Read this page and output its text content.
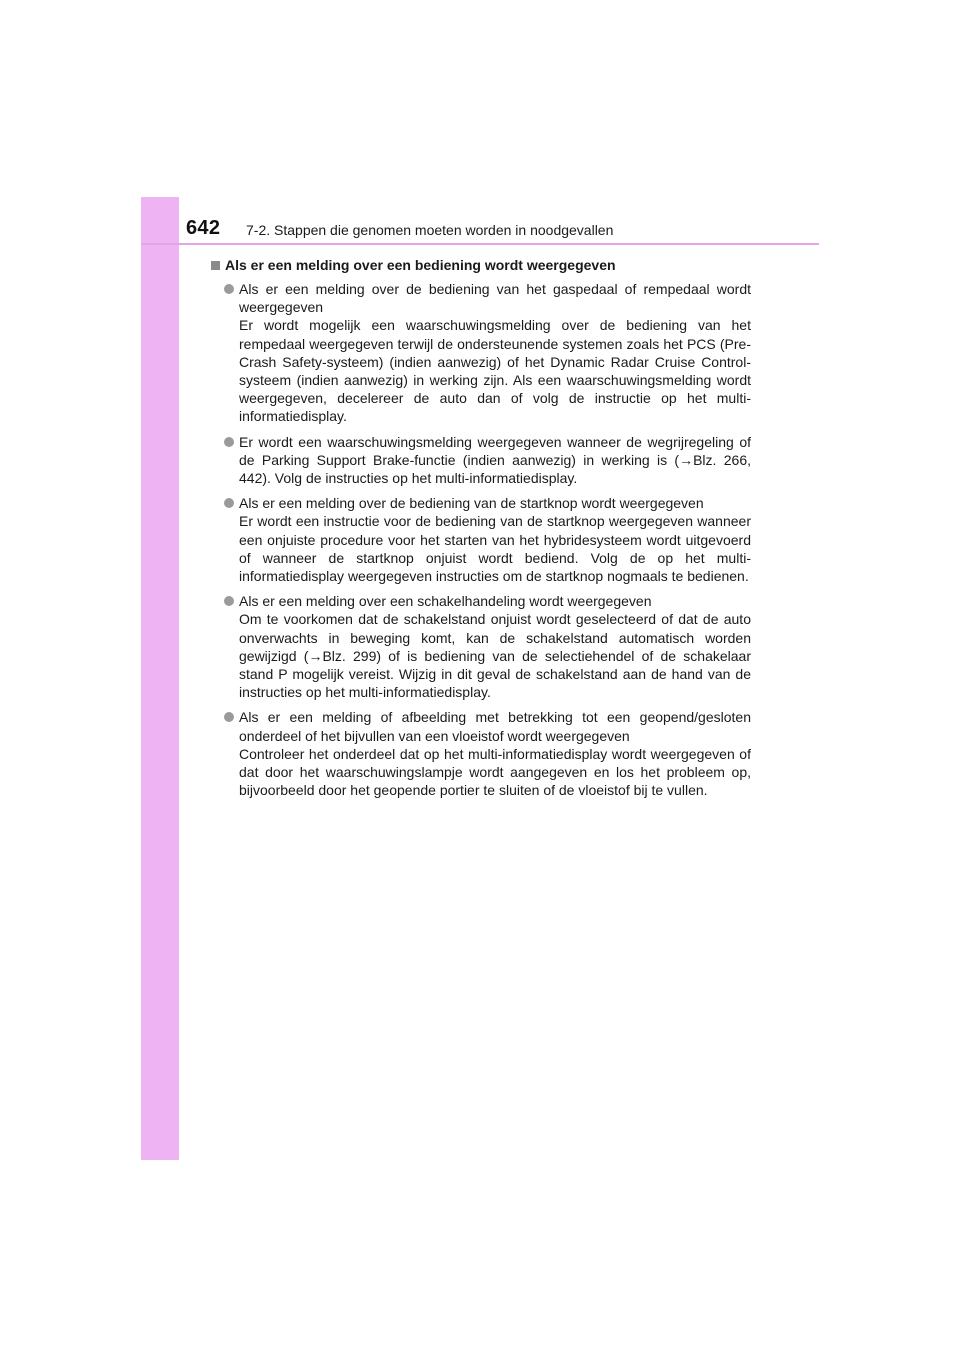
642 7-2. Stappen die genomen moeten worden in noodgevallen
Als er een melding over een bediening wordt weergegeven

Als er een melding over de bediening van het gaspedaal of rempedaal wordt weergegeven

Er wordt mogelijk een waarschuwingsmelding over de bediening van het rempedaal weergegeven terwijl de ondersteunende systemen zoals het PCS (Pre-Crash Safety-systeem) (indien aanwezig) of het Dynamic Radar Cruise Control-systeem (indien aanwezig) in werking zijn. Als een waarschuwingsmelding wordt weergegeven, decelereer de auto dan of volg de instructie op het multi-informatiedisplay.

Er wordt een waarschuwingsmelding weergegeven wanneer de wegrijregeling of de Parking Support Brake-functie (indien aanwezig) in werking is (→Blz. 266, 442). Volg de instructies op het multi-informatiedisplay.

Als er een melding over de bediening van de startknop wordt weergegeven

Er wordt een instructie voor de bediening van de startknop weergegeven wanneer een onjuiste procedure voor het starten van het hybridesysteem wordt uitgevoerd of wanneer de startknop onjuist wordt bediend. Volg de op het multi-informatiedisplay weergegeven instructies om de startknop nogmaals te bedienen.

Als er een melding over een schakelhandeling wordt weergegeven

Om te voorkomen dat de schakelstand onjuist wordt geselecteerd of dat de auto onverwachts in beweging komt, kan de schakelstand automatisch worden gewijzigd (→Blz. 299) of is bediening van de selectiehendel of de schakelaar stand P mogelijk vereist. Wijzig in dit geval de schakelstand aan de hand van de instructies op het multi-informatiedisplay.

Als er een melding of afbeelding met betrekking tot een geopend/gesloten onderdeel of het bijvullen van een vloeistof wordt weergegeven

Controleer het onderdeel dat op het multi-informatiedisplay wordt weergegeven of dat door het waarschuwingslampje wordt aangegeven en los het probleem op, bijvoorbeeld door het geopende portier te sluiten of de vloeistof bij te vullen.
